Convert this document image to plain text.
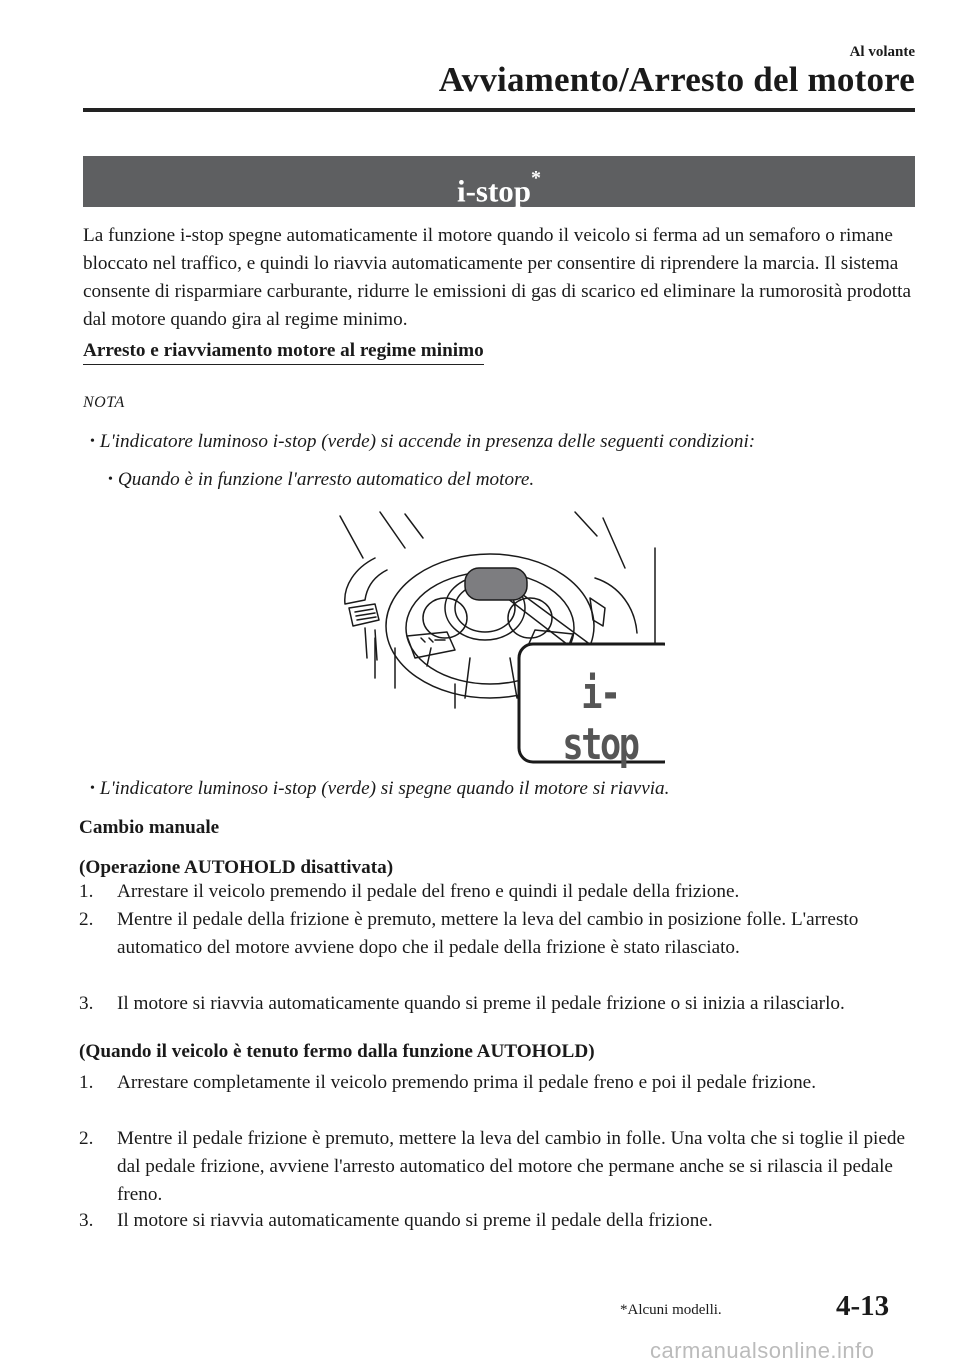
Al volante
Avviamento/Arresto del motore
i-stop*
La funzione i-stop spegne automaticamente il motore quando il veicolo si ferma ad un semaforo o rimane bloccato nel traffico, e quindi lo riavvia automaticamente per consentire di riprendere la marcia. Il sistema consente di risparmiare carburante, ridurre le emissioni di gas di scarico ed eliminare la rumorosità prodotta dal motore quando gira al regime minimo.
Arresto e riavviamento motore al regime minimo
NOTA
• L'indicatore luminoso i-stop (verde) si accende in presenza delle seguenti condizioni:
• Quando è in funzione l'arresto automatico del motore.
i-stop
• L'indicatore luminoso i-stop (verde) si spegne quando il motore si riavvia.
Cambio manuale
(Operazione AUTOHOLD disattivata)
1. Arrestare il veicolo premendo il pedale del freno e quindi il pedale della frizione.
2. Mentre il pedale della frizione è premuto, mettere la leva del cambio in posizione folle. L'arresto automatico del motore avviene dopo che il pedale della frizione è stato rilasciato.
3. Il motore si riavvia automaticamente quando si preme il pedale frizione o si inizia a rilasciarlo.
(Quando il veicolo è tenuto fermo dalla funzione AUTOHOLD)
1. Arrestare completamente il veicolo premendo prima il pedale freno e poi il pedale frizione.
2. Mentre il pedale frizione è premuto, mettere la leva del cambio in folle. Una volta che si toglie il piede dal pedale frizione, avviene l'arresto automatico del motore che permane anche se si rilascia il pedale freno.
3. Il motore si riavvia automaticamente quando si preme il pedale della frizione.
*Alcuni modelli.	4-13
carmanualsonline.info
